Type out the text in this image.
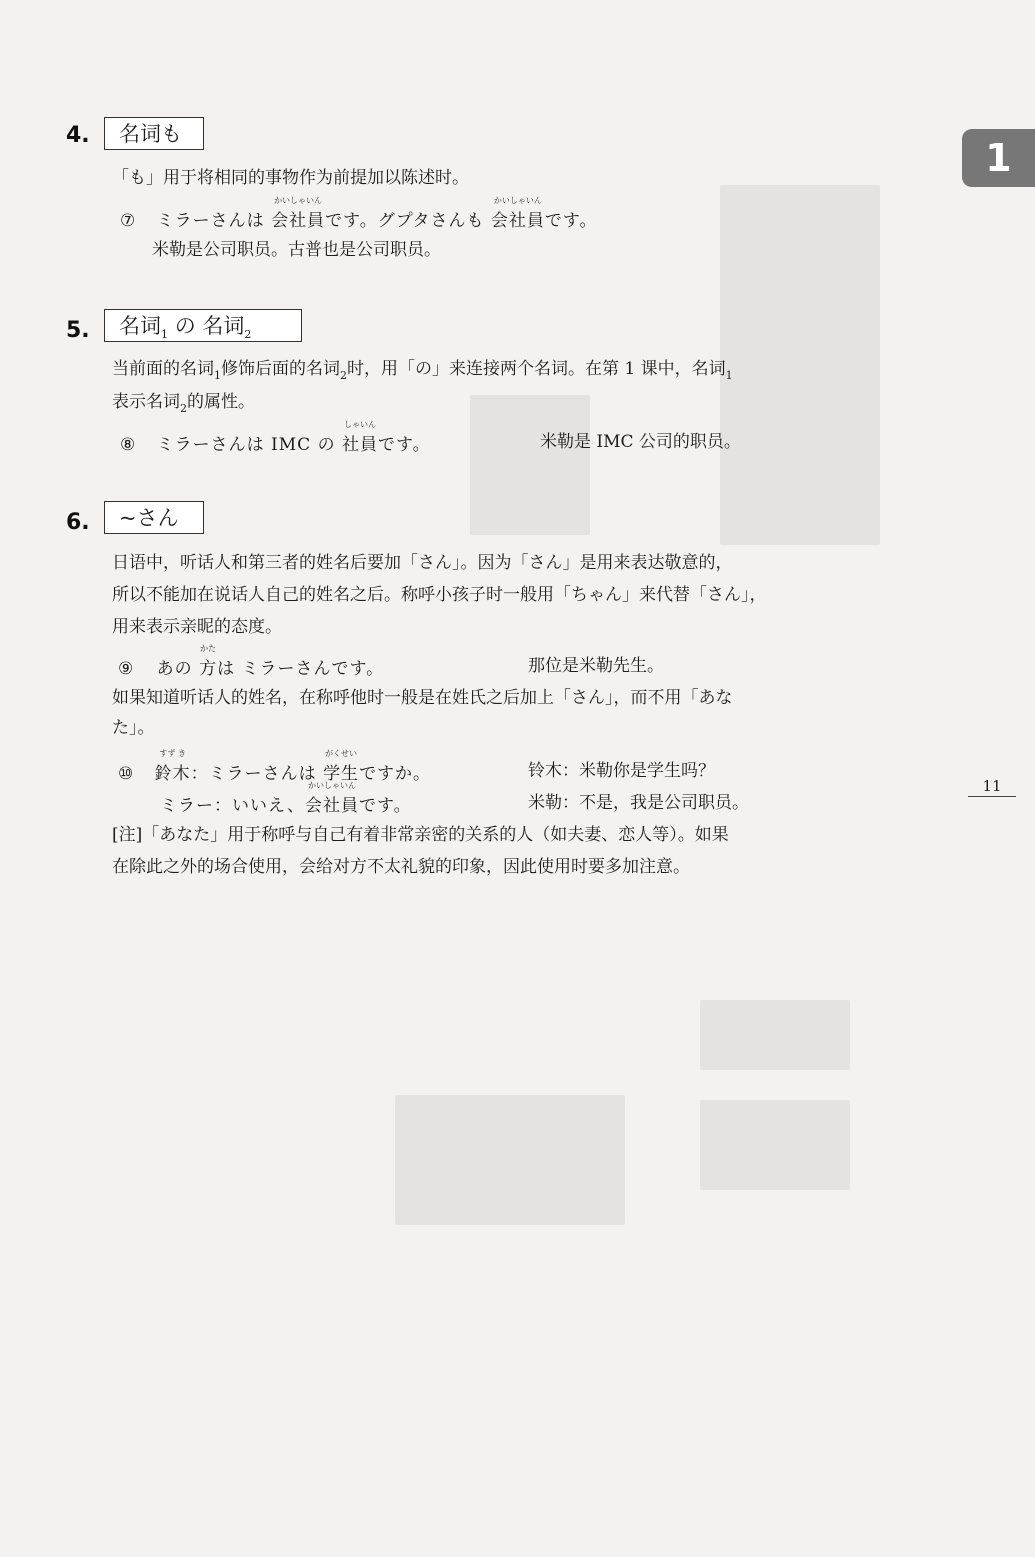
1
4.	名词も
「も」用于将相同的事物作为前提加以陈述时。
⑦ ミラーさんは
かいしゃいん
会社員です。グプタさんも
かいしゃいん
会社員です。
米勒是公司职员。古普也是公司职员。
5.	名词$_1$ の 名词$_2$
当前面的名词$_1$修饰后面的名词$_2$时，用「の」来连接两个名词。在第 1 课中，名词$_1$
表示名词$_2$的属性。
⑧ ミラーさんは IMC の
しゃいん
社員です。	米勒是 IMC 公司的职员。
6.	~さん
日语中，听话人和第三者的姓名后要加「さん」。因为「さん」是用来表达敬意的，
所以不能加在说话人自己的姓名之后。称呼小孩子时一般用「ちゃん」来代替「さん」，
用来表示亲昵的态度。
⑨ あの
かた
方は ミラーさんです。	那位是米勒先生。
如果知道听话人的姓名，在称呼他时一般是在姓氏之后加上「さん」，而不用「あな
た」。
⑩
すず き
鈴木：ミラーさんは
がくせい
学生ですか。	铃木：米勒你是学生吗？
ミラー：いいえ、
かいしゃいん
会社員です。	米勒：不是，我是公司职员。
[注]「あなた」用于称呼与自己有着非常亲密的关系的人（如夫妻、恋人等）。如果
在除此之外的场合使用，会给对方不太礼貌的印象，因此使用时要多加注意。
11
